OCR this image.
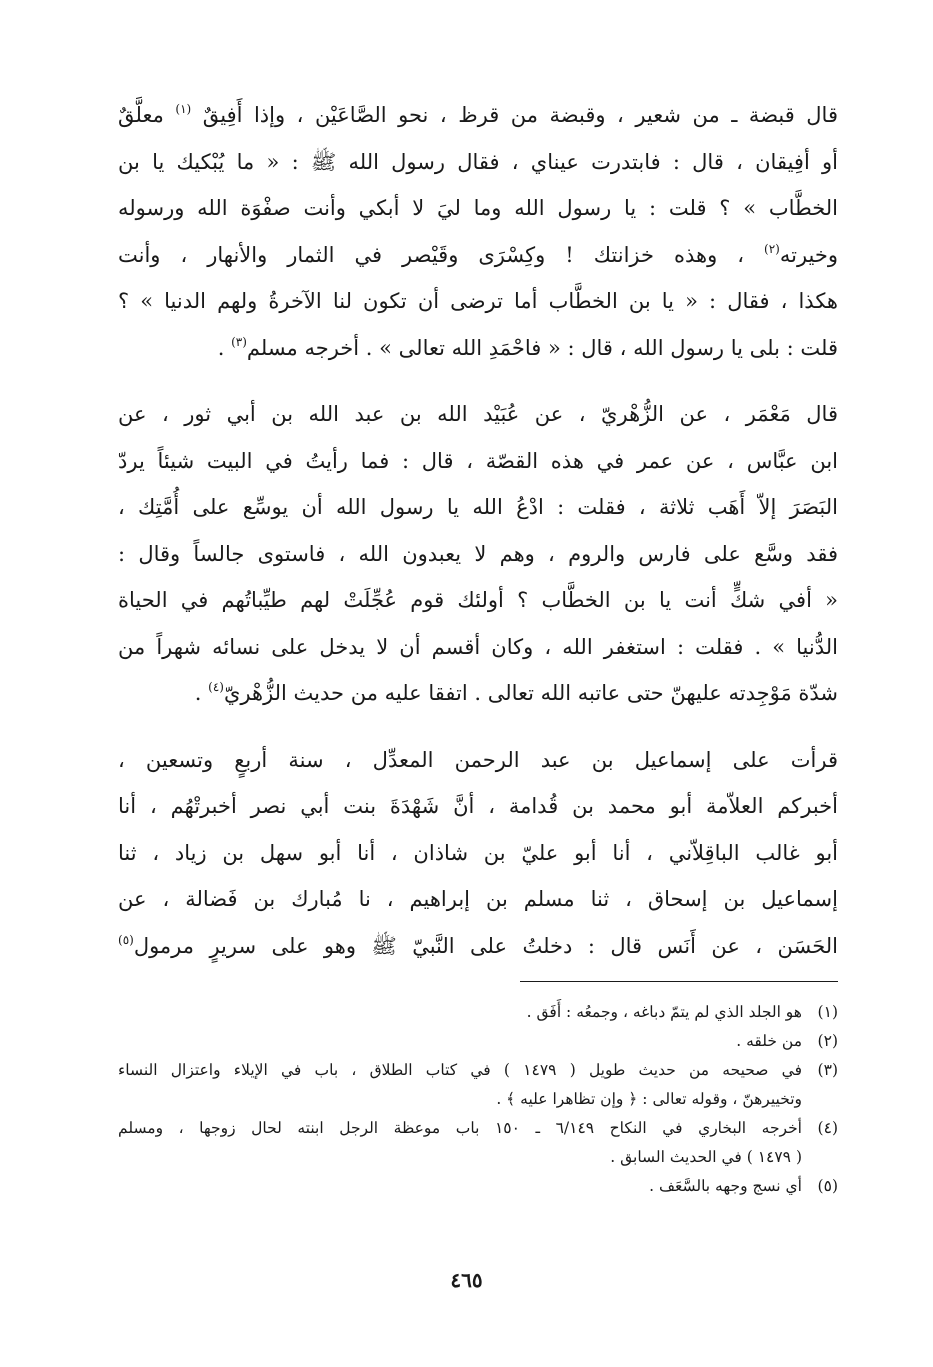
قال قبضة ـ من شعير ، وقبضة من قرظ ، نحو الصَّاعَيْن ، وإذا أَفِيقٌ $^{(١)}$ معلَّقٌ

أو أفِيقان ، قال : فابتدرت عيناي ، فقال رسول الله ﷺ : « ما يُبْكيك يا بن

الخطَّاب » ؟ قلت : يا رسول الله وما ليَ لا أبكي وأنت صفْوَة الله ورسوله

وخيرته$^{(٢)}$ ، وهذه خزانتك ! وكِسْرَى وقَيْصر في الثمار والأنهار ، وأنت

هكذا ، فقال : « يا بن الخطَّاب أما ترضى أن تكون لنا الآخرةُ ولهم الدنيا » ؟

قلت : بلى يا رسول الله ، قال : « فاحْمَدِ الله تعالى » . أخرجه مسلم$^{(٣)}$ .

قال مَعْمَر ، عن الزُّهْريّ ، عن عُبَيْد الله بن عبد الله بن أبي ثور ، عن

ابن عبَّاس ، عن عمر في هذه القصّة ، قال : فما رأيتُ في البيت شيئاً يردّ

البَصَرَ إلاّ أَهَب ثلاثة ، فقلت : ادْعُ الله يا رسول الله أن يوسِّع على أُمَّتِك ،

فقد وسَّع على فارس والروم ، وهم لا يعبدون الله ، فاستوى جالساً وقال :

« أفي شكٍّ أنت يا بن الخطَّاب ؟ أولئك قوم عُجِّلَتْ لهم طيِّباتُهم في الحياة

الدُّنيا » . فقلت : استغفر الله ، وكان أقسم أن لا يدخل على نسائه شهراً من

شدّة مَوْجِدته عليهنّ حتى عاتبه الله تعالى . اتفقا عليه من حديث الزُّهْريّ$^{(٤)}$ .

قرأت على إسماعيل بن عبد الرحمن المعدِّل ، سنة أربعٍ وتسعين ،

أخبركم العلاّمة أبو محمد بن قُدامة ، أنَّ شَهْدَةَ بنت أبي نصر أخبرتْهُم ، أنا

أبو غالب الباقِلاّني ، أنا أبو عليّ بن شاذان ، أنا أبو سهل بن زياد ، ثنا

إسماعيل بن إسحاق ، ثنا مسلم بن إبراهيم ، نا مُبارك بن فَضالة ، عن

الحَسَن ، عن أَنَس قال : دخلتُ على النَّبيّ ﷺ وهو على سريرٍ مرمول$^{(٥)}$

(١)
هو الجلد الذي لم يتمّ دباغه ، وجمعُه : أَفَق .
(٢)
من خلقه .
(٣)
في صحيحه من حديث طويل ( ١٤٧٩ ) في كتاب الطلاق ، باب في الإيلاء واعتزال النساء
وتخييرهنّ ، وقوله تعالى : ﴿ وإن تظاهرا عليه ﴾ .
(٤)
أخرجه البخاري في النكاح ٦/١٤٩ ـ ١٥٠ باب موعظة الرجل ابنته لحال زوجها ، ومسلم
( ١٤٧٩ ) في الحديث السابق .
(٥)
أي نسج وجهه بالسَّعَف .
٤٦٥
